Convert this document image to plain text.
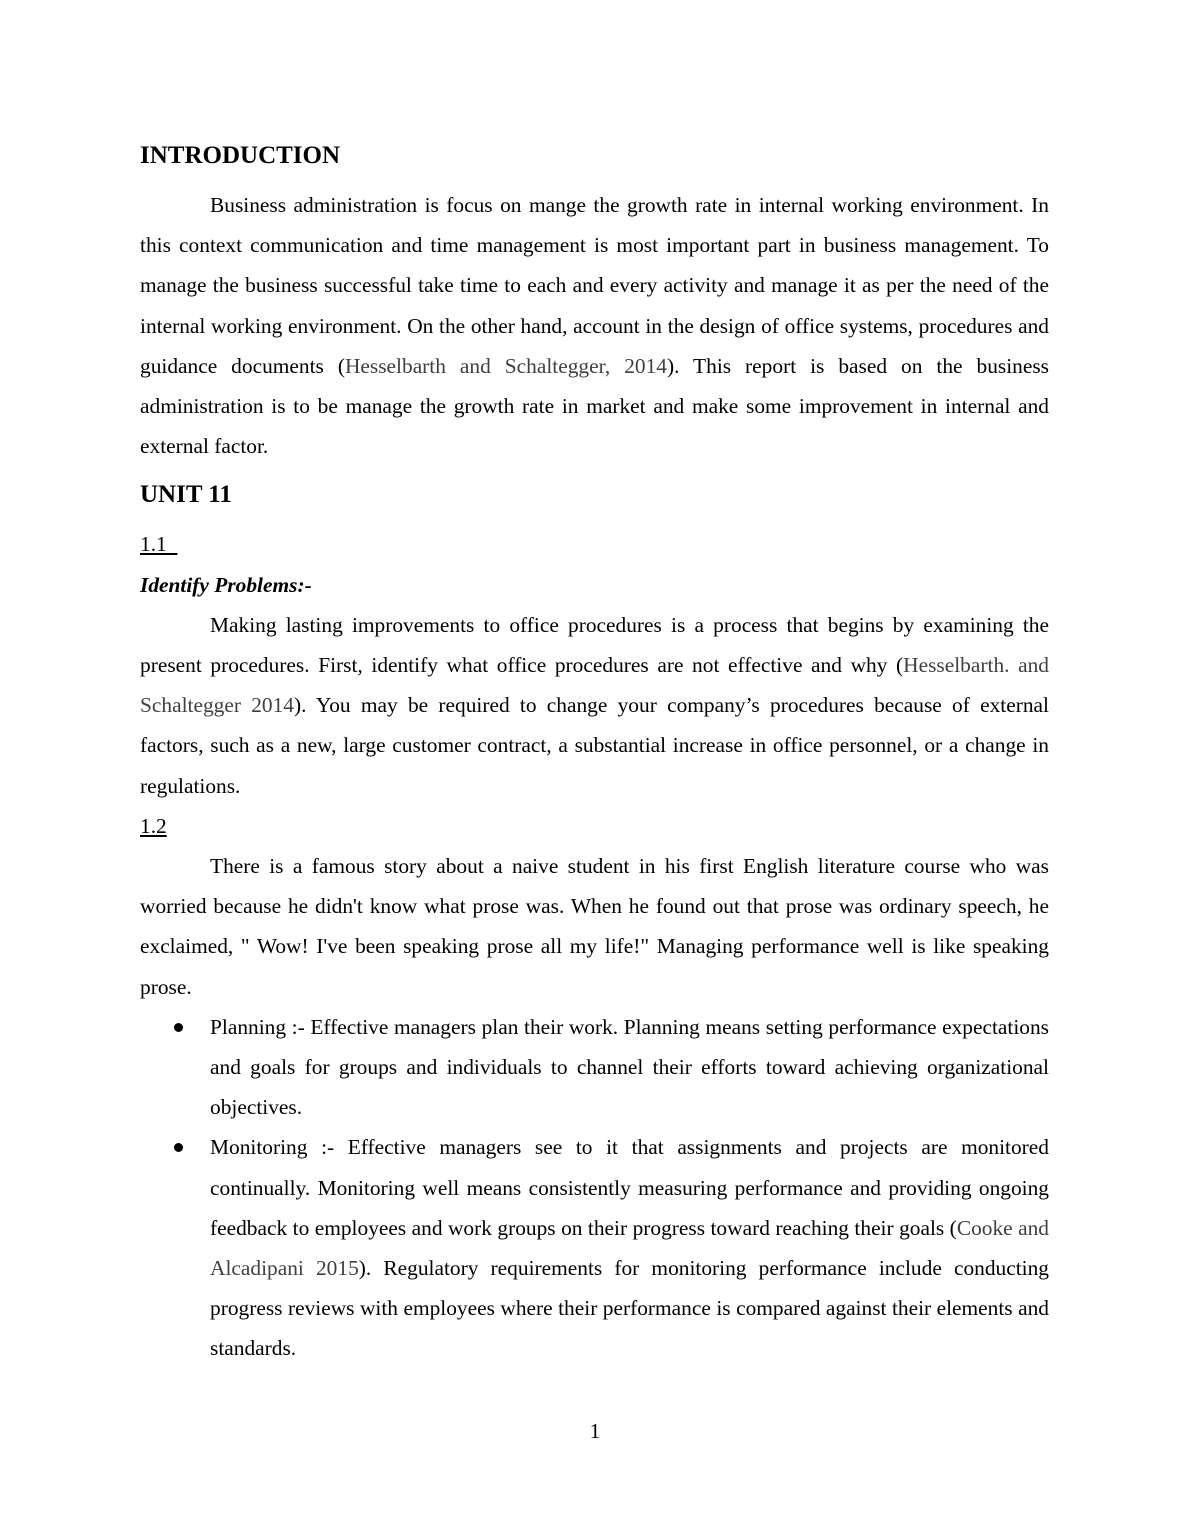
INTRODUCTION

Business administration is focus on mange the growth rate in internal working environment. In this context communication and time management is most important part in business management. To manage the business successful take time to each and every activity and manage it as per the need of the internal working environment. On the other hand, account in the design of office systems, procedures and guidance documents (Hesselbarth and Schaltegger, 2014). This report is based on the business administration is to be manage the growth rate in market and make some improvement in internal and external factor.

UNIT 11
1.1
Identify Problems:-

Making lasting improvements to office procedures is a process that begins by examining the present procedures. First, identify what office procedures are not effective and why (Hesselbarth. and Schaltegger 2014). You may be required to change your company’s procedures because of external factors, such as a new, large customer contract, a substantial increase in office personnel, or a change in regulations.

1.2

There is a famous story about a naive student in his first English literature course who was worried because he didn't know what prose was. When he found out that prose was ordinary speech, he exclaimed, " Wow! I've been speaking prose all my life!" Managing performance well is like speaking prose.

Planning :- Effective managers plan their work. Planning means setting performance expectations and goals for groups and individuals to channel their efforts toward achieving organizational objectives.
Monitoring :- Effective managers see to it that assignments and projects are monitored continually. Monitoring well means consistently measuring performance and providing ongoing feedback to employees and work groups on their progress toward reaching their goals (Cooke and Alcadipani 2015). Regulatory requirements for monitoring performance include conducting progress reviews with employees where their performance is compared against their elements and standards.
1
